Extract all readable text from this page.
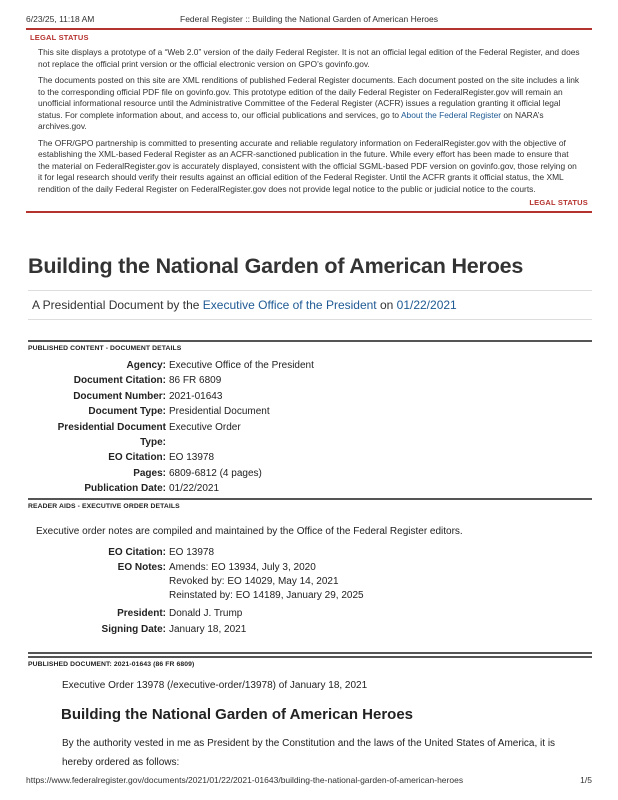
6/23/25, 11:18 AM	Federal Register :: Building the National Garden of American Heroes
LEGAL STATUS

This site displays a prototype of a “Web 2.0” version of the daily Federal Register. It is not an official legal edition of the Federal Register, and does not replace the official print version or the official electronic version on GPO’s govinfo.gov.

The documents posted on this site are XML renditions of published Federal Register documents. Each document posted on the site includes a link to the corresponding official PDF file on govinfo.gov. This prototype edition of the daily Federal Register on FederalRegister.gov will remain an unofficial informational resource until the Administrative Committee of the Federal Register (ACFR) issues a regulation granting it official legal status. For complete information about, and access to, our official publications and services, go to About the Federal Register on NARA’s archives.gov.

The OFR/GPO partnership is committed to presenting accurate and reliable regulatory information on FederalRegister.gov with the objective of establishing the XML-based Federal Register as an ACFR-sanctioned publication in the future. While every effort has been made to ensure that the material on FederalRegister.gov is accurately displayed, consistent with the official SGML-based PDF version on govinfo.gov, those relying on it for legal research should verify their results against an official edition of the Federal Register. Until the ACFR grants it official status, the XML rendition of the daily Federal Register on FederalRegister.gov does not provide legal notice to the public or judicial notice to the courts.

LEGAL STATUS
Building the National Garden of American Heroes
A Presidential Document by the Executive Office of the President on 01/22/2021
PUBLISHED CONTENT - DOCUMENT DETAILS
Agency: Executive Office of the President
Document Citation: 86 FR 6809
Document Number: 2021-01643
Document Type: Presidential Document
Presidential Document
Type:
Executive Order
EO Citation: EO 13978
Pages: 6809-6812 (4 pages)
Publication Date: 01/22/2021
READER AIDS - EXECUTIVE ORDER DETAILS
Executive order notes are compiled and maintained by the Office of the Federal Register editors.
EO Citation: EO 13978
EO Notes: Amends: EO 13934, July 3, 2020
Revoked by: EO 14029, May 14, 2021
Reinstated by: EO 14189, January 29, 2025
President: Donald J. Trump
Signing Date: January 18, 2021
PUBLISHED DOCUMENT: 2021-01643 (86 FR 6809)
Executive Order 13978 (/executive-order/13978) of January 18, 2021
Building the National Garden of American Heroes

By the authority vested in me as President by the Constitution and the laws of the United States of America, it is hereby ordered as follows:

https://www.federalregister.gov/documents/2021/01/22/2021-01643/building-the-national-garden-of-american-heroes	1/5
